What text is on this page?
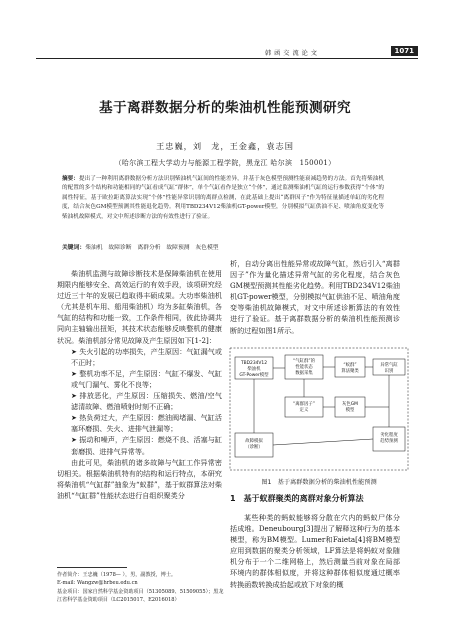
韩 函 交 流 论 文	1071
基于离群数据分析的柴油机性能预测研究
王忠巍，刘　龙，王金鑫，袁志国
（哈尔滨工程大学动力与能源工程学院，黑龙江 哈尔滨　150001）
摘要：提出了一种利用离群数据分析方法识别柴油机气缸间的性能差异，并基于灰色模型预测性能衰减趋势的方法。首先将柴油机的配置的多个结构和功能相同的气缸看成气缸“群体”，单个气缸看作是独立“个体”，通过监测柴油机气缸的运行参数获得“个体”的属性特征，基于欧拉距离算法实现“个体”性能异常识别的离群点检测，在此基础上提出“离群因子”作为特征量描述单缸的劣化程度，结合灰色GM模型预测其性能退化趋势。利用TBD234V12柴油机GT-power模型，分别模拟气缸供油不足、喷油角度变化等柴油机故障模式，对文中所述诊断方法的有效性进行了验证。
关键词：柴油机　故障诊断　离群分析　故障预测　灰色模型

柴油机监测与故障诊断技术是保障柴油机在使用期限内能够安全、高效运行的有效手段，该项研究经过近三十年的发展已趋取得丰硕成果。大功率柴油机（尤其是机车用、船用柴油机）均为多缸柴油机，各气缸的结构和功能一致，工作条件相同，彼此协调共同向主轴输出扭矩，其技术状态能够反映整机的健康状况。柴油机部分常见故障及产生原因如下[1-2]：

➤ 失火引起的功率损失，产生原因：气缸漏气或不正时；

➤ 整机功率不足，产生原因：气缸不爆发、气缸或气门漏气、雾化不良等；

➤ 排放恶化，产生原因：压缩损失、燃油/空气滤清故障、燃油喷射时刻不正确；

➤ 热负荷过大，产生原因：燃油阀堵漏、气缸活塞环磨损、失火、进排气泄漏等；

➤ 振动和噪声，产生原因：燃烧不良、活塞与缸套磨损、进排气异常等。

由此可见，柴油机的诸多故障与气缸工作异常密切相关。根据柴油机特有的结构和运行特点，本研究将柴油机“气缸群”抽象为“蚁群”，基于蚁群算法对柴油机“气缸群”性能状态进行自组织聚类分

作者简介：王忠巍（1978— ），男，副教授，博士。
E-mail: Wangzw@hrbeu.edu.cn
基金项目：国家自然科学基金资助项目（51305089、51509055）；黑龙江省科学基金资助项目（LC2015017、E2016018）

析，自动分离出性能异常或故障气缸，然后引入“离群因子”作为量化描述异常气缸的劣化程度，结合灰色GM模型预测其性能劣化趋势。利用TBD234V12柴油机GT-power模型，分别模拟气缸供油不足、喷油角度变等柴油机故障模式，对文中所述诊断算法的有效性进行了验证。基于离群数据分析的柴油机性能预测诊断的过程如图1所示。

TBD234V12
柴油机
GT-Power模型
“气缸群”的
性能状态
数据采集
“蚁群”
算法聚类
异常气缸
识别
“离群因子”
定义
灰色GM
模型
故障模拟
（诊断）
劣化程度
趋势预测
图1　基于离群数据分析的柴油机性能预测
1　基于蚁群聚类的离群对象分析算法

某些种类的蚂蚁能够将分散在穴内的蚂蚁尸体分括成堆。Deneubourg[3]提出了解释这种行为的基本模型，称为BM模型。Lumer和Faieta[4]将BM模型应用到数据的聚类分析领域，LF算法是将蚂蚁对象随机分布于一个二维网格上，然后测量当前对象在局部环境内的群体相似度，并将这种群体相似度通过概率转换函数转换成拾起或放下对象的概
